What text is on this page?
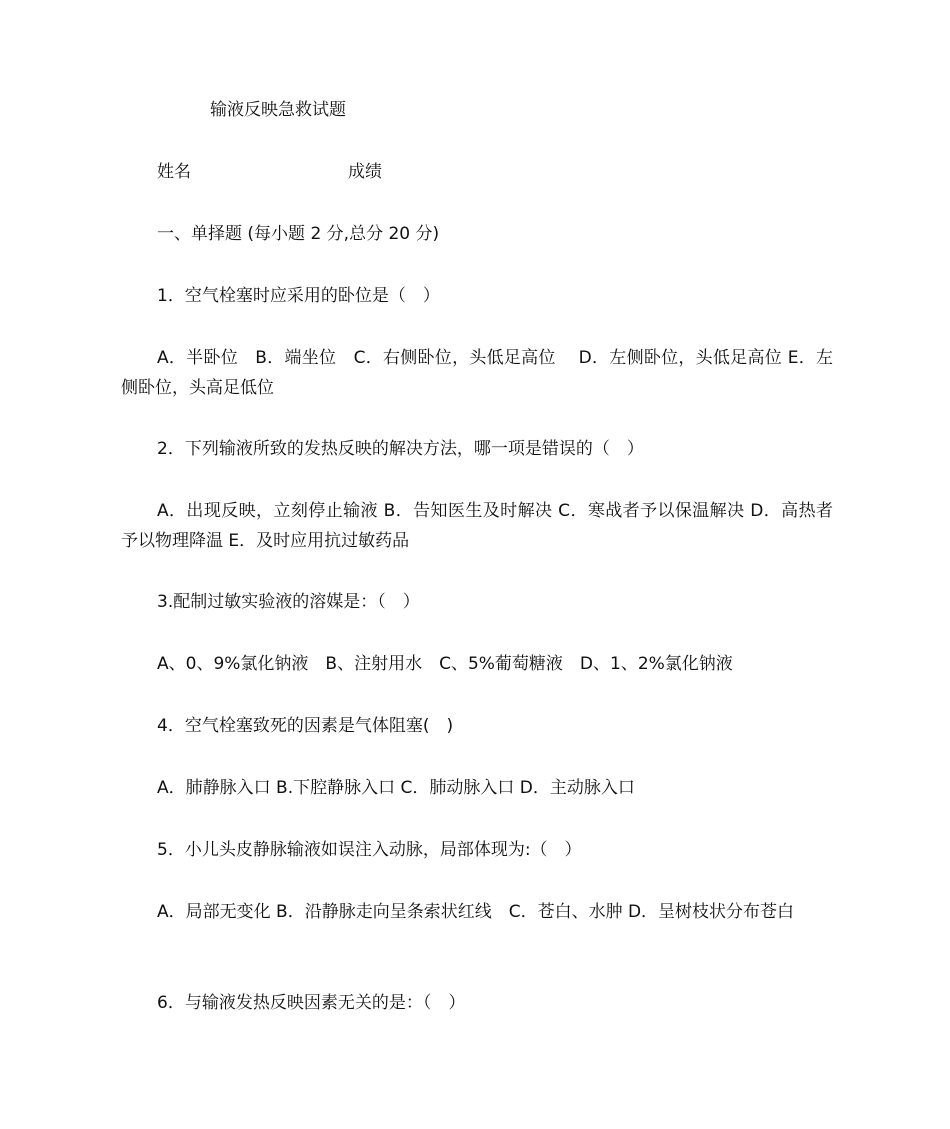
输液反映急救试题
姓名	成绩
一、单择题 (每小题 2 分,总分 20 分)
1．空气栓塞时应采用的卧位是（　）
A．半卧位　B．端坐位　C．右侧卧位，头低足高位　 D．左侧卧位，头低足高位 E．左侧卧位，头高足低位
2．下列输液所致的发热反映的解决方法，哪一项是错误的（　）
A．出现反映，立刻停止输液 B．告知医生及时解决 C．寒战者予以保温解决 D．高热者予以物理降温 E．及时应用抗过敏药品
3.配制过敏实验液的溶媒是：（　）
A、0、9%氯化钠液　B、注射用水　C、5%葡萄糖液　D、1、2%氯化钠液
4．空气栓塞致死的因素是气体阻塞(　)
A．肺静脉入口 B.下腔静脉入口 C．肺动脉入口 D．主动脉入口
5．小儿头皮静脉输液如误注入动脉，局部体现为:（　）
A．局部无变化 B．沿静脉走向呈条索状红线　C．苍白、水肿 D．呈树枝状分布苍白
6．与输液发热反映因素无关的是：（　）
